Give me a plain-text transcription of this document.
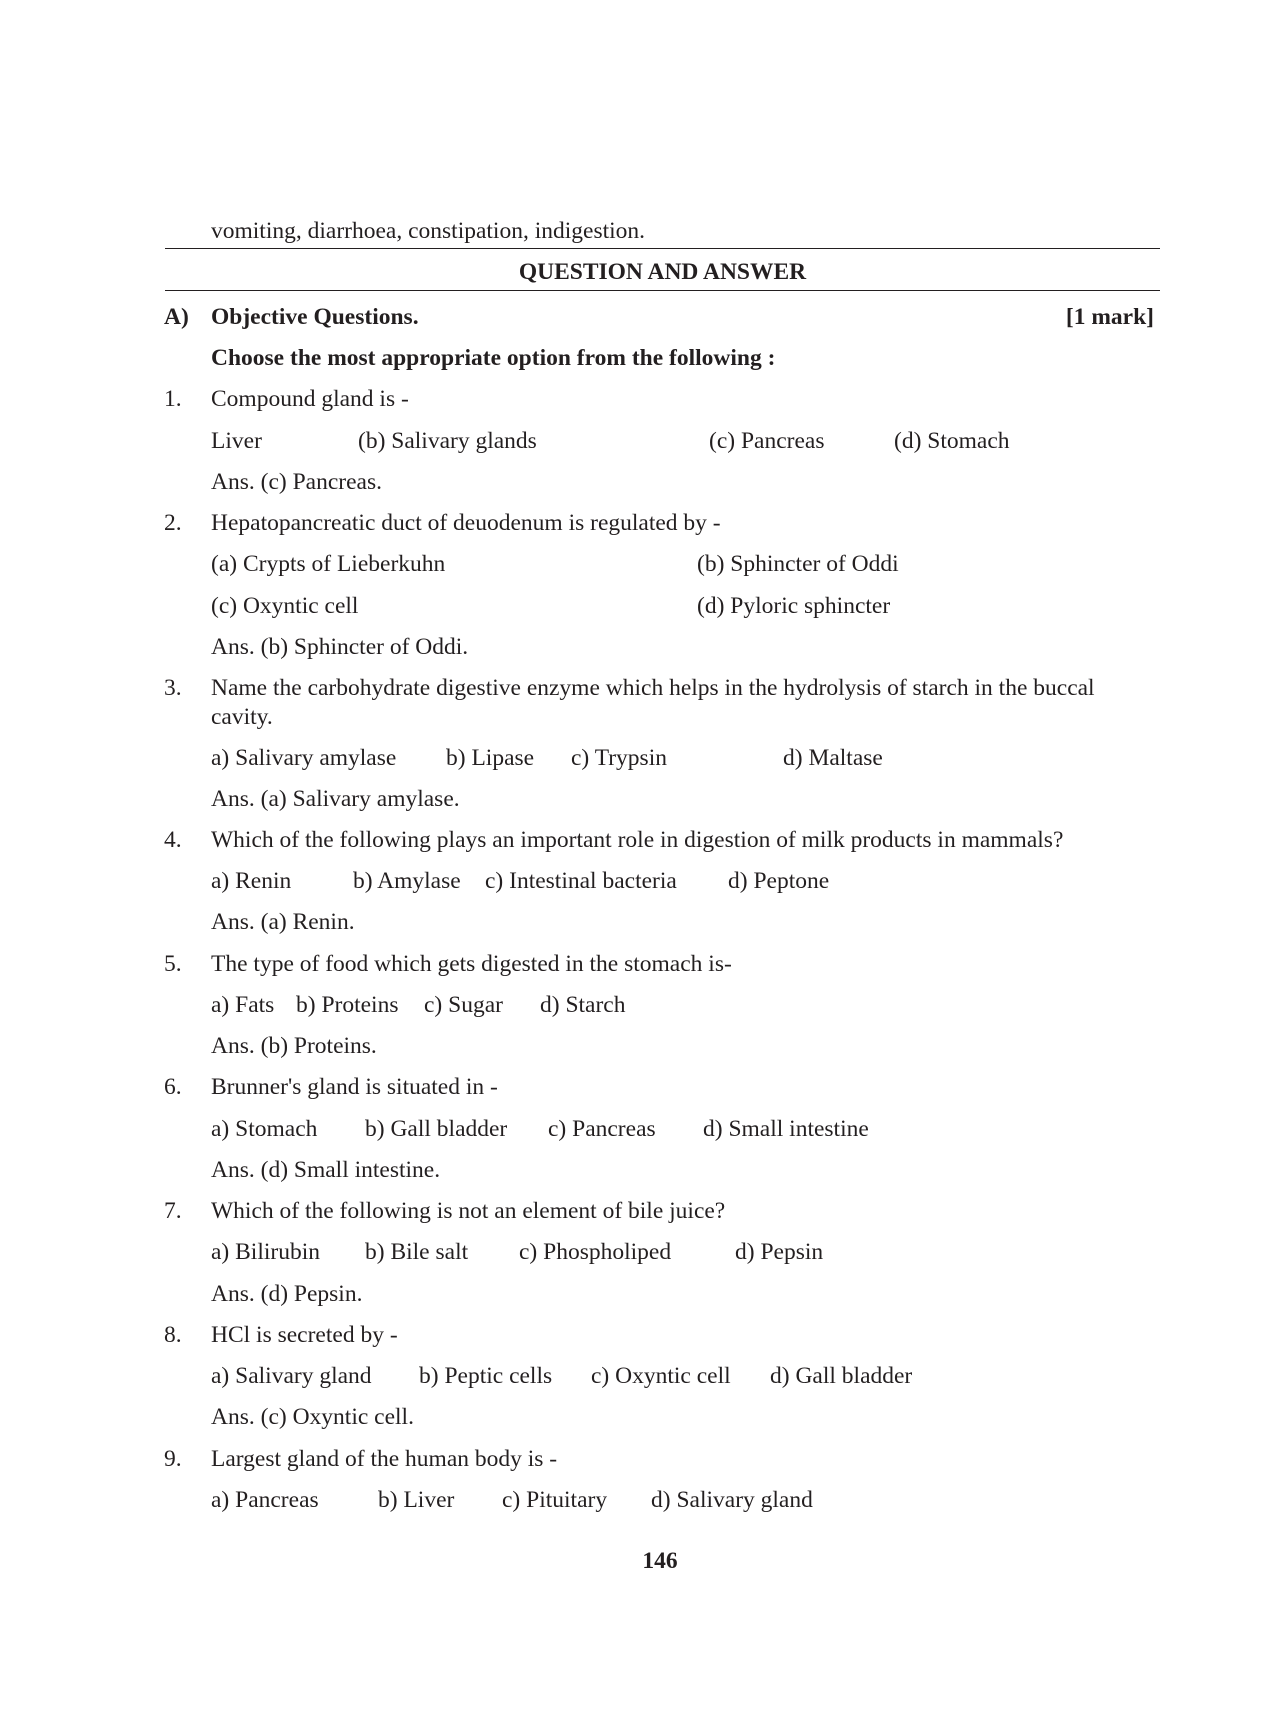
vomiting, diarrhoea, constipation, indigestion.
QUESTION AND ANSWER
A) Objective Questions.	[1 mark]
Choose the most appropriate option from the following :
1. Compound gland is -
Liver	(b) Salivary glands	(c) Pancreas	(d) Stomach
Ans. (c) Pancreas.
2. Hepatopancreatic duct of deuodenum is regulated by -
(a) Crypts of Lieberkuhn	(b) Sphincter of Oddi
(c) Oxyntic cell	(d) Pyloric sphincter
Ans. (b) Sphincter of Oddi.
3. Name the carbohydrate digestive enzyme which helps in the hydrolysis of starch in the buccal
cavity.
a) Salivary amylase b) Lipase c) Trypsin	d) Maltase
Ans. (a) Salivary amylase.
4. Which of the following plays an important role in digestion of milk products in mammals?
a) Renin	b) Amylase c) Intestinal bacteria d) Peptone
Ans. (a) Renin.
5. The type of food which gets digested in the stomach is-
a) Fats b) Proteins c) Sugar d) Starch
Ans. (b) Proteins.
6. Brunner's gland is situated in -
a) Stomach b) Gall bladder c) Pancreas d) Small intestine
Ans. (d) Small intestine.
7. Which of the following is not an element of bile juice?
a) Bilirubin b) Bile salt c) Phospholiped	d) Pepsin
Ans. (d) Pepsin.
8. HCl is secreted by -
a) Salivary gland b) Peptic cells c) Oxyntic cell d) Gall bladder
Ans. (c) Oxyntic cell.
9. Largest gland of the human body is -
a) Pancreas	b) Liver c) Pituitary d) Salivary gland
146
